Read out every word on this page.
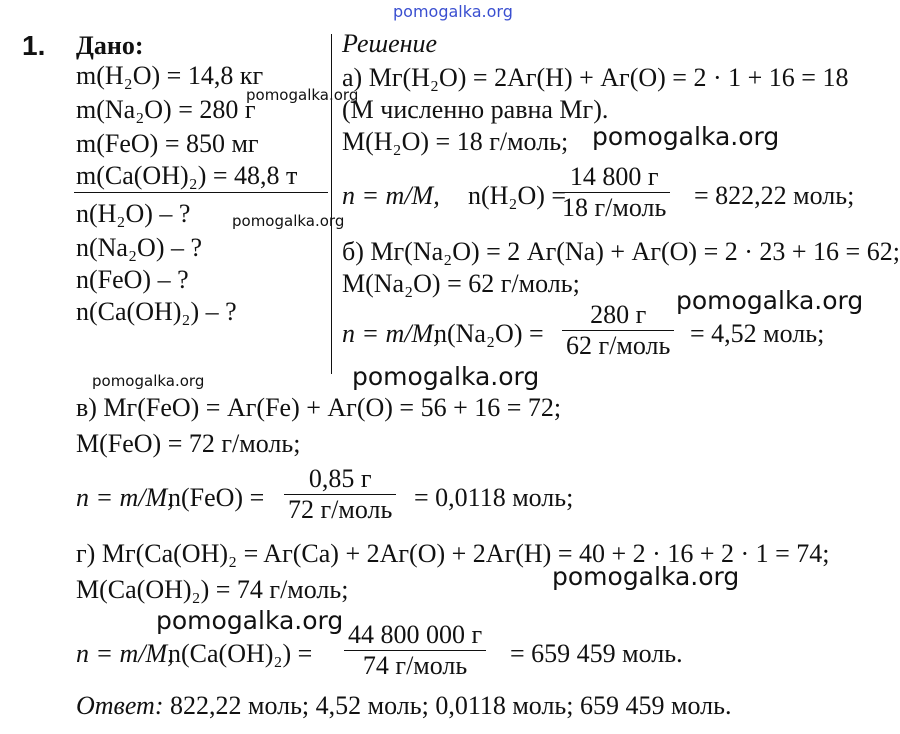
pomogalka.org
pomogalka.org
pomogalka.org
pomogalka.org
pomogalka.org
pomogalka.org
pomogalka.org
pomogalka.org
pomogalka.org
1. Дано:	Решение
m(H₂O) = 14,8 кг
m(Na₂O) = 280 г
m(FeO) = 850 мг
m(Ca(OH)₂) = 48,8 т
n(H₂O) – ?
n(Na₂O) – ?
n(FeO) – ?
n(Ca(OH)₂) – ?
а) Mг(H₂O) = 2Aг(H) + Aг(O) = 2 · 1 + 16 = 18
(M численно равна Mг).
M(H₂O) = 18 г/моль;
n = m/M, n(H₂O) =
14 800 г
18 г/моль = 822,22 моль;
б) Mг(Na₂O) = 2 Aг(Na) + Aг(O) = 2 · 23 + 16 = 62;
M(Na₂O) = 62 г/моль;
n = m/M,
n(Na₂O) =
280 г
62 г/моль = 4,52 моль;
в) Mг(FeO) = Aг(Fe) + Aг(O) = 56 + 16 = 72;
M(FeO) = 72 г/моль;
n = m/M,
n(FeO) =
0,85 г
72 г/моль = 0,0118 моль;
г) Mг(Ca(OH)₂ = Aг(Ca) + 2Aг(O) + 2Aг(H) = 40 + 2 · 16 + 2 · 1 = 74;
M(Ca(OH)₂) = 74 г/моль;
n = m/M,
n(Ca(OH)₂) =
44 800 000 г
74 г/моль = 659 459 моль.
Ответ: 822,22 моль; 4,52 моль; 0,0118 моль; 659 459 моль.
